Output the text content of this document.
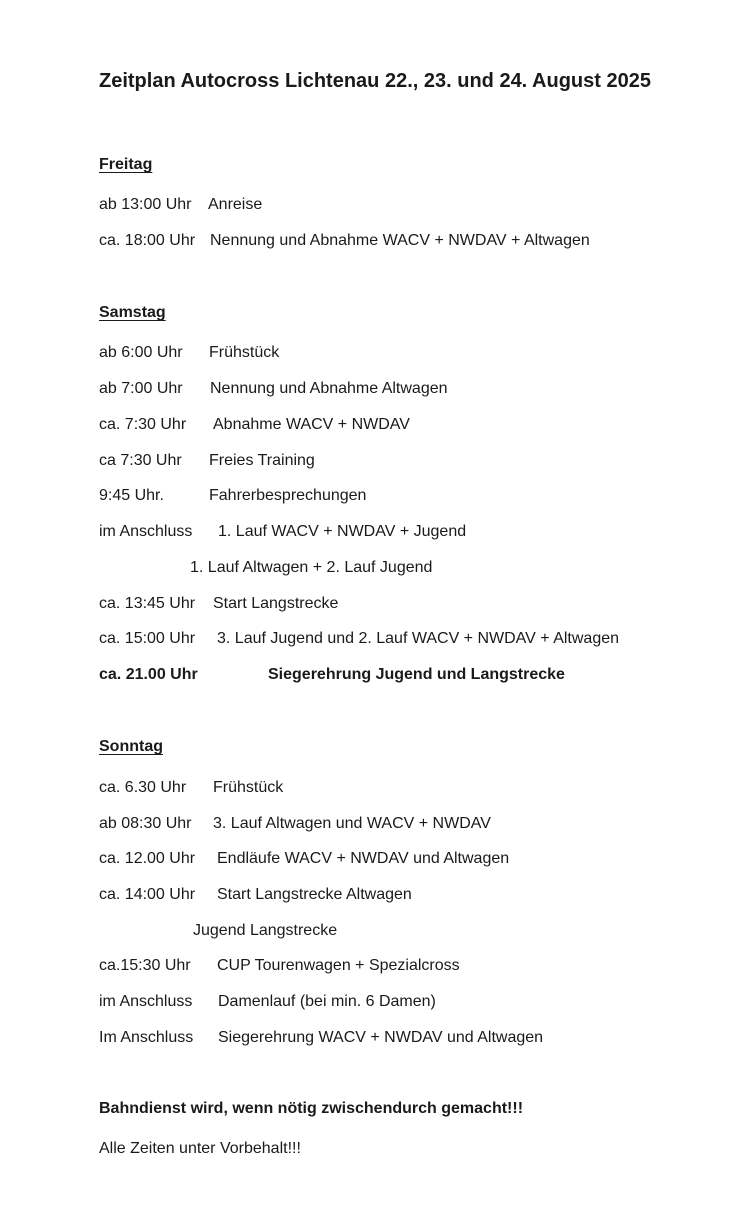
Zeitplan Autocross Lichtenau 22., 23. und 24. August 2025
Freitag
ab 13:00 Uhr Anreise
ca. 18:00 Uhr Nennung und Abnahme WACV + NWDAV + Altwagen
Samstag
ab 6:00 Uhr Frühstück
ab 7:00 Uhr Nennung und Abnahme Altwagen
ca. 7:30 Uhr Abnahme WACV + NWDAV
ca 7:30 Uhr Freies Training
9:45 Uhr.	Fahrerbesprechungen
im Anschluss 1. Lauf WACV + NWDAV + Jugend
1. Lauf Altwagen + 2. Lauf Jugend
ca. 13:45 Uhr Start Langstrecke
ca. 15:00 Uhr 3. Lauf Jugend und 2. Lauf WACV + NWDAV + Altwagen
ca. 21.00 Uhr	Siegerehrung Jugend und Langstrecke
Sonntag
ca. 6.30 Uhr Frühstück
ab 08:30 Uhr 3. Lauf Altwagen und WACV + NWDAV
ca. 12.00 Uhr Endläufe WACV + NWDAV und Altwagen
ca. 14:00 Uhr Start Langstrecke Altwagen
Jugend Langstrecke
ca.15:30 Uhr CUP Tourenwagen + Spezialcross
im Anschluss Damenlauf (bei min. 6 Damen)
Im Anschluss Siegerehrung WACV + NWDAV und Altwagen
Bahndienst wird, wenn nötig zwischendurch gemacht!!!
Alle Zeiten unter Vorbehalt!!!
